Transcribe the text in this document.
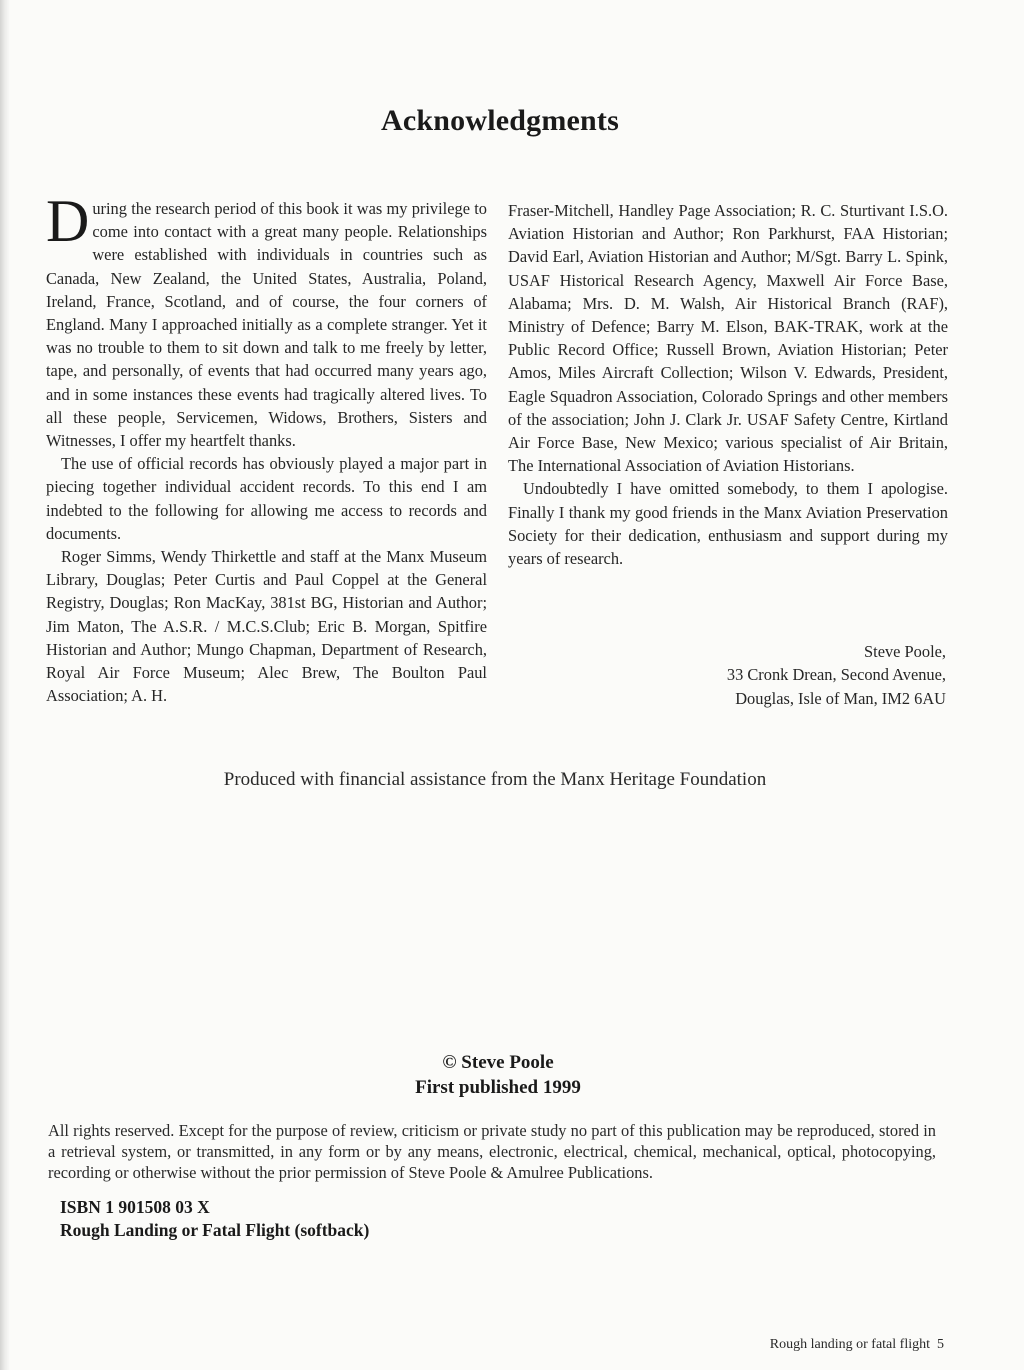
Acknowledgments

During the research period of this book it was my privilege to come into contact with a great many people. Relationships were established with individuals in countries such as Canada, New Zealand, the United States, Australia, Poland, Ireland, France, Scotland, and of course, the four corners of England. Many I approached initially as a complete stranger. Yet it was no trouble to them to sit down and talk to me freely by letter, tape, and personally, of events that had occurred many years ago, and in some instances these events had tragically altered lives. To all these people, Servicemen, Widows, Brothers, Sisters and Witnesses, I offer my heartfelt thanks.

The use of official records has obviously played a major part in piecing together individual accident records. To this end I am indebted to the following for allowing me access to records and documents.

Roger Simms, Wendy Thirkettle and staff at the Manx Museum Library, Douglas; Peter Curtis and Paul Coppel at the General Registry, Douglas; Ron MacKay, 381st BG, Historian and Author; Jim Maton, The A.S.R. / M.C.S.Club; Eric B. Morgan, Spitfire Historian and Author; Mungo Chapman, Department of Research, Royal Air Force Museum; Alec Brew, The Boulton Paul Association; A. H.

Fraser-Mitchell, Handley Page Association; R. C. Sturtivant I.S.O. Aviation Historian and Author; Ron Parkhurst, FAA Historian; David Earl, Aviation Historian and Author; M/Sgt. Barry L. Spink, USAF Historical Research Agency, Maxwell Air Force Base, Alabama; Mrs. D. M. Walsh, Air Historical Branch (RAF), Ministry of Defence; Barry M. Elson, BAK-TRAK, work at the Public Record Office; Russell Brown, Aviation Historian; Peter Amos, Miles Aircraft Collection; Wilson V. Edwards, President, Eagle Squadron Association, Colorado Springs and other members of the association; John J. Clark Jr. USAF Safety Centre, Kirtland Air Force Base, New Mexico; various specialist of Air Britain, The International Association of Aviation Historians.

Undoubtedly I have omitted somebody, to them I apologise. Finally I thank my good friends in the Manx Aviation Preservation Society for their dedication, enthusiasm and support during my years of research.

Steve Poole,
33 Cronk Drean, Second Avenue,
Douglas, Isle of Man, IM2 6AU
Produced with financial assistance from the Manx Heritage Foundation
© Steve Poole
First published 1999
All rights reserved. Except for the purpose of review, criticism or private study no part of this publication may be reproduced, stored in a retrieval system, or transmitted, in any form or by any means, electronic, electrical, chemical, mechanical, optical, photocopying, recording or otherwise without the prior permission of Steve Poole & Amulree Publications.
ISBN 1 901508 03 X
Rough Landing or Fatal Flight (softback)
Rough landing or fatal flight 5
